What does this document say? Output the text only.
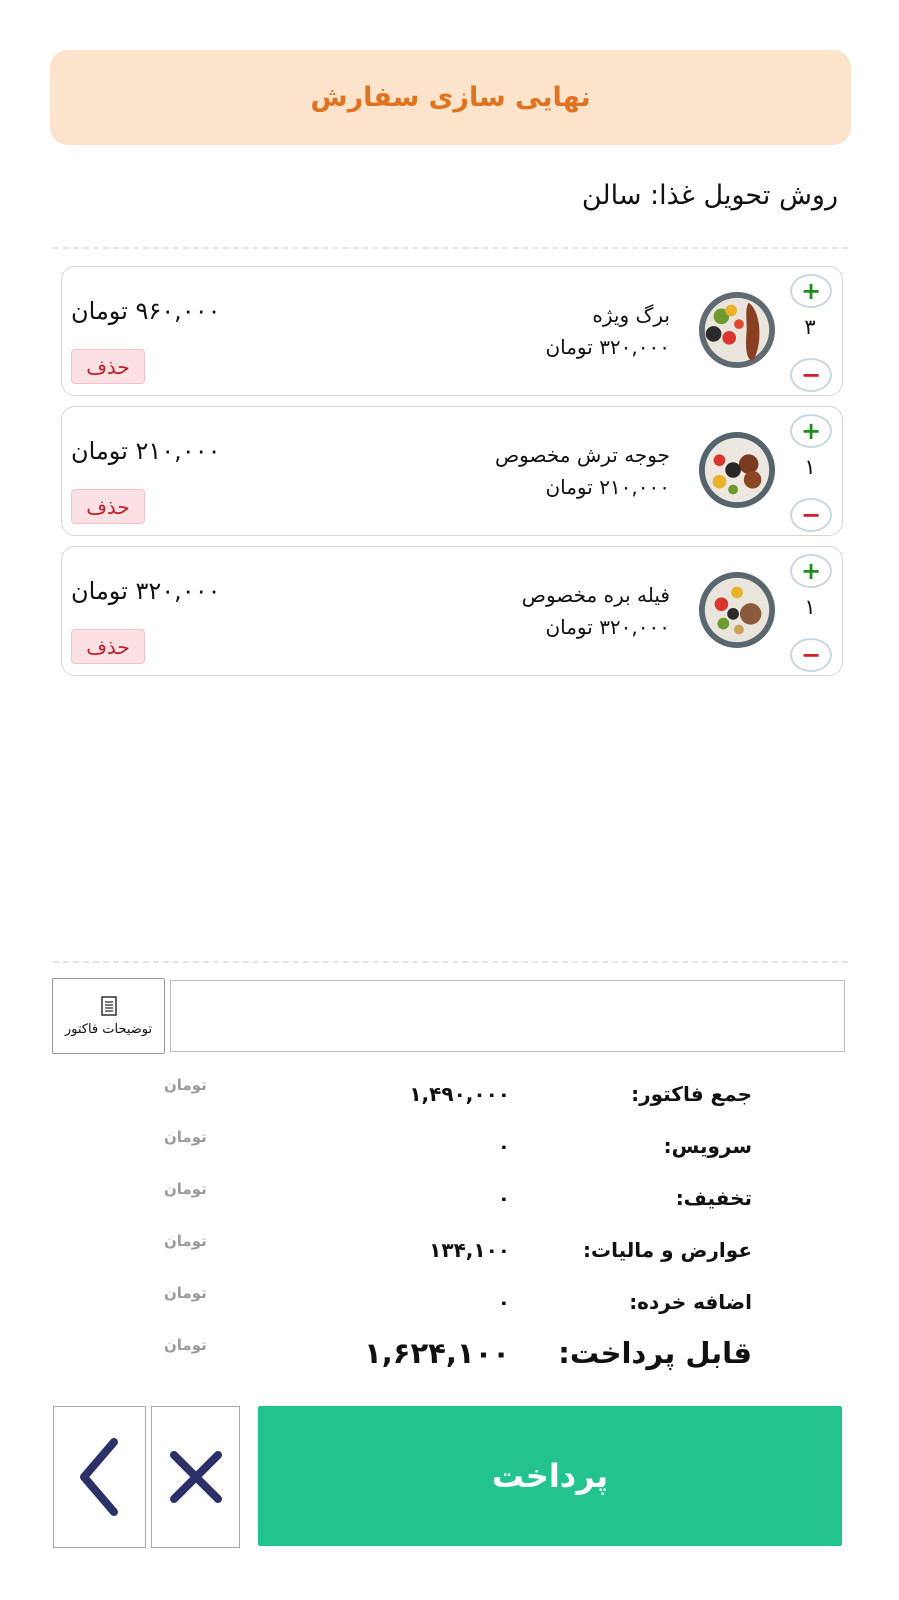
نهایی سازی سفارش
روش تحویل غذا: سالن
+
۳
−
برگ ویژه
۳۲۰,۰۰۰ تومان
۹۶۰,۰۰۰ تومان
حذف
+
۱
−
جوجه ترش مخصوص
۲۱۰,۰۰۰ تومان
۲۱۰,۰۰۰ تومان
حذف
+
۱
−
فیله بره مخصوص
۳۲۰,۰۰۰ تومان
۳۲۰,۰۰۰ تومان
حذف
توضیحات فاکتور
جمع فاکتور:
۱,۴۹۰,۰۰۰
تومان
سرویس:
۰
تومان
تخفیف:
۰
تومان
عوارض و مالیات:
۱۳۴,۱۰۰
تومان
اضافه خرده:
۰
تومان
قابل پرداخت:
۱,۶۲۴,۱۰۰
تومان
پرداخت
